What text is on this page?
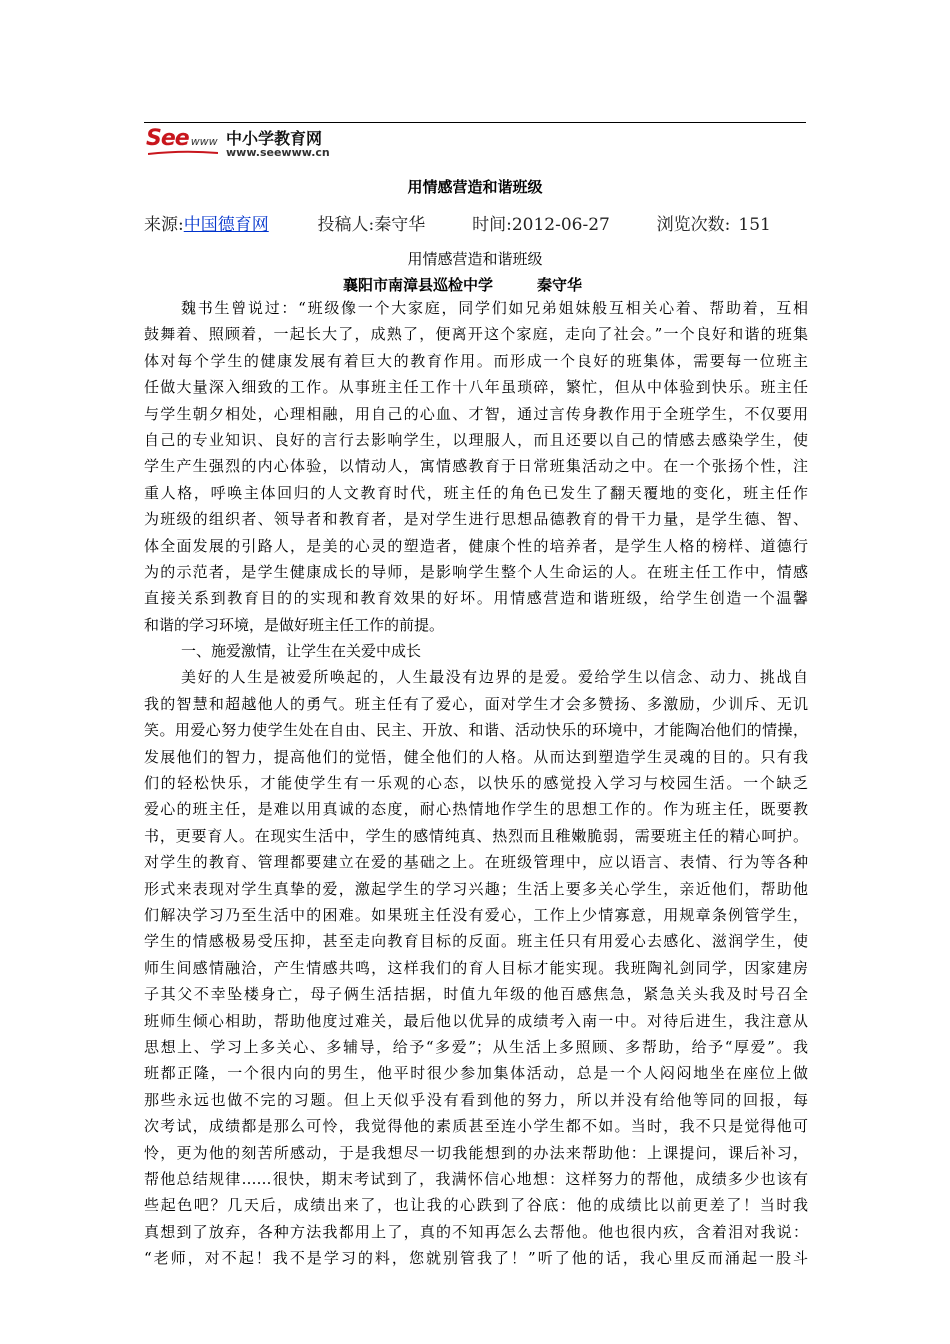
See www 中小学教育网
www.seewww.cn
用情感营造和谐班级
来源:中国德育网	投稿人:秦守华	时间:2012-06-27	浏览次数: 151
用情感营造和谐班级
襄阳市南漳县巡检中学	秦守华
魏书生曾说过：“班级像一个大家庭，同学们如兄弟姐妹般互相关心着、帮助着，互相
鼓舞着、照顾着，一起长大了，成熟了，便离开这个家庭，走向了社会。”一个良好和谐的班集
体对每个学生的健康发展有着巨大的教育作用。而形成一个良好的班集体，需要每一位班主
任做大量深入细致的工作。从事班主任工作十八年虽琐碎，繁忙，但从中体验到快乐。班主任
与学生朝夕相处，心理相融，用自己的心血、才智，通过言传身教作用于全班学生，不仅要用
自己的专业知识、良好的言行去影响学生，以理服人，而且还要以自己的情感去感染学生，使
学生产生强烈的内心体验，以情动人，寓情感教育于日常班集活动之中。在一个张扬个性，注
重人格，呼唤主体回归的人文教育时代，班主任的角色已发生了翻天覆地的变化，班主任作
为班级的组织者、领导者和教育者，是对学生进行思想品德教育的骨干力量，是学生德、智、
体全面发展的引路人，是美的心灵的塑造者，健康个性的培养者，是学生人格的榜样、道德行
为的示范者，是学生健康成长的导师，是影响学生整个人生命运的人。在班主任工作中，情感
直接关系到教育目的的实现和教育效果的好坏。用情感营造和谐班级，给学生创造一个温馨
和谐的学习环境，是做好班主任工作的前提。
一、施爱激情，让学生在关爱中成长
美好的人生是被爱所唤起的，人生最没有边界的是爱。爱给学生以信念、动力、挑战自
我的智慧和超越他人的勇气。班主任有了爱心，面对学生才会多赞扬、多激励，少训斥、无讥
笑。用爱心努力使学生处在自由、民主、开放、和谐、活动快乐的环境中，才能陶冶他们的情操，
发展他们的智力，提高他们的觉悟，健全他们的人格。从而达到塑造学生灵魂的目的。只有我
们的轻松快乐，才能使学生有一乐观的心态，以快乐的感觉投入学习与校园生活。一个缺乏
爱心的班主任，是难以用真诚的态度，耐心热情地作学生的思想工作的。作为班主任，既要教
书，更要育人。在现实生活中，学生的感情纯真、热烈而且稚嫩脆弱，需要班主任的精心呵护。
对学生的教育、管理都要建立在爱的基础之上。在班级管理中，应以语言、表情、行为等各种
形式来表现对学生真挚的爱，激起学生的学习兴趣；生活上要多关心学生，亲近他们，帮助他
们解决学习乃至生活中的困难。如果班主任没有爱心，工作上少情寡意，用规章条例管学生，
学生的情感极易受压抑，甚至走向教育目标的反面。班主任只有用爱心去感化、滋润学生，使
师生间感情融洽，产生情感共鸣，这样我们的育人目标才能实现。我班陶礼剑同学，因家建房
子其父不幸坠楼身亡，母子俩生活拮据，时值九年级的他百感焦急，紧急关头我及时号召全
班师生倾心相助，帮助他度过难关，最后他以优异的成绩考入南一中。对待后进生，我注意从
思想上、学习上多关心、多辅导，给予“多爱”；从生活上多照顾、多帮助，给予“厚爱”。我
班都正隆，一个很内向的男生，他平时很少参加集体活动，总是一个人闷闷地坐在座位上做
那些永远也做不完的习题。但上天似乎没有看到他的努力，所以并没有给他等同的回报，每
次考试，成绩都是那么可怜，我觉得他的素质甚至连小学生都不如。当时，我不只是觉得他可
怜，更为他的刻苦所感动，于是我想尽一切我能想到的办法来帮助他：上课提问，课后补习，
帮他总结规律……很快，期末考试到了，我满怀信心地想：这样努力的帮他，成绩多少也该有
些起色吧？几天后，成绩出来了，也让我的心跌到了谷底：他的成绩比以前更差了！当时我
真想到了放弃，各种方法我都用上了，真的不知再怎么去帮他。他也很内疚，含着泪对我说：
“老师，对不起！我不是学习的料，您就别管我了！”听了他的话，我心里反而涌起一股斗
